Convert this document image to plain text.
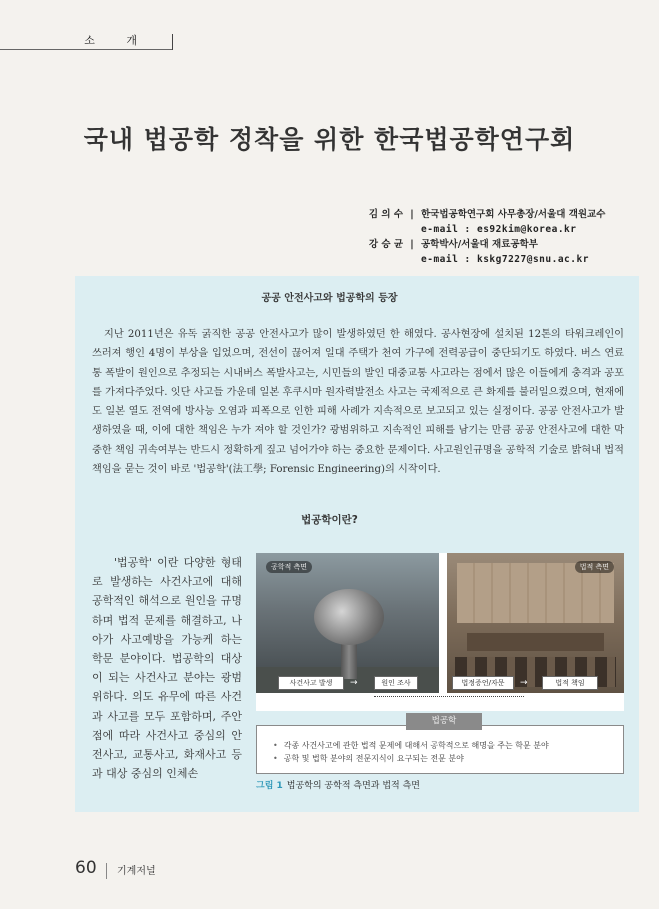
소 개
국내 법공학 정착을 위한 한국법공학연구회
김 의 수 | 한국법공학연구회 사무총장/서울대 객원교수
e-mail : es92kim@korea.kr
강 승 균 | 공학박사/서울대 재료공학부
e-mail : kskg7227@snu.ac.kr
공공 안전사고와 법공학의 등장

지난 2011년은 유독 굵직한 공공 안전사고가 많이 발생하였던 한 해였다. 공사현장에 설치된 12톤의 타워크레인이 쓰러져 행인 4명이 부상을 입었으며, 전선이 끊어져 일대 주택가 천여 가구에 전력공급이 중단되기도 하였다. 버스 연료통 폭발이 원인으로 추정되는 시내버스 폭발사고는, 시민들의 발인 대중교통 사고라는 점에서 많은 이들에게 충격과 공포를 가져다주었다. 잇단 사고들 가운데 일본 후쿠시마 원자력발전소 사고는 국제적으로 큰 화제를 불러일으켰으며, 현재에도 일본 열도 전역에 방사능 오염과 피폭으로 인한 피해 사례가 지속적으로 보고되고 있는 실정이다. 공공 안전사고가 발생하였을 때, 이에 대한 책임은 누가 져야 할 것인가? 광범위하고 지속적인 피해를 남기는 만큼 공공 안전사고에 대한 막중한 책임 귀속여부는 반드시 정확하게 짚고 넘어가야 하는 중요한 문제이다. 사고원인규명을 공학적 기술로 밝혀내 법적 책임을 묻는 것이 바로 '법공학'(法工學; Forensic Engineering)의 시작이다.

법공학이란?

'법공학' 이란 다양한 형태로 발생하는 사건사고에 대해 공학적인 해석으로 원인을 규명하며 법적 문제를 해결하고, 나아가 사고예방을 가능케 하는 학문 분야이다. 법공학의 대상이 되는 사건사고 분야는 광범위하다. 의도 유무에 따른 사건과 사고를 모두 포함하며, 주안점에 따라 사건사고 중심의 안전사고, 교통사고, 화재사고 등과 대상 중심의 인체손

공학적 측면	법적 측면
사건사고 발생	→	원인 조사	법정증언/자문	→	법적 책임
• 각종 사건사고에 관한 법적 문제에 대해서 공학적으로 해명을 주는 학문 분야
• 공학 및 법학 분야의 전문지식이 요구되는 전문 분야
법공학
그림 1 법공학의 공학적 측면과 법적 측면
60 기계저널
